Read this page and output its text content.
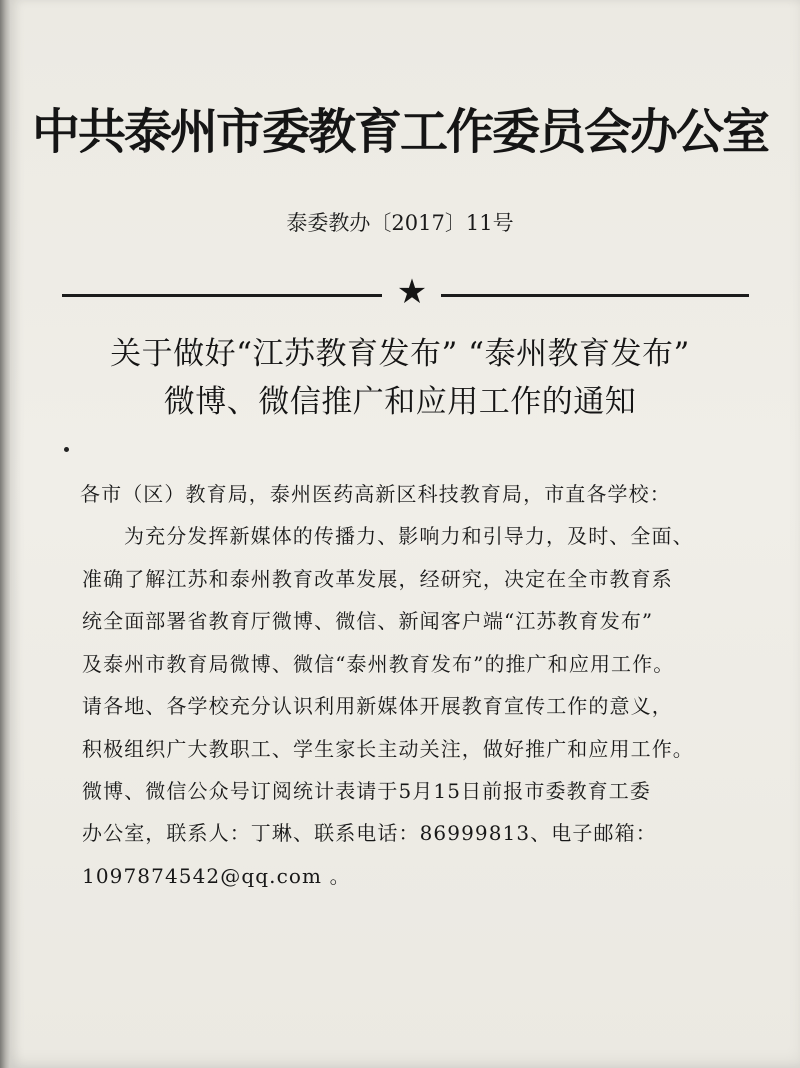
中共泰州市委教育工作委员会办公室
泰委教办〔2017〕11号
★
关于做好“江苏教育发布” “泰州教育发布”
微博、微信推广和应用工作的通知
各市（区）教育局，泰州医药高新区科技教育局，市直各学校：
为充分发挥新媒体的传播力、影响力和引导力，及时、全面、
准确了解江苏和泰州教育改革发展，经研究，决定在全市教育系
统全面部署省教育厅微博、微信、新闻客户端“江苏教育发布”
及泰州市教育局微博、微信“泰州教育发布”的推广和应用工作。
请各地、各学校充分认识利用新媒体开展教育宣传工作的意义，
积极组织广大教职工、学生家长主动关注，做好推广和应用工作。
微博、微信公众号订阅统计表请于5月15日前报市委教育工委
办公室，联系人：丁琳、联系电话：86999813、电子邮箱：
1097874542@qq.com 。
